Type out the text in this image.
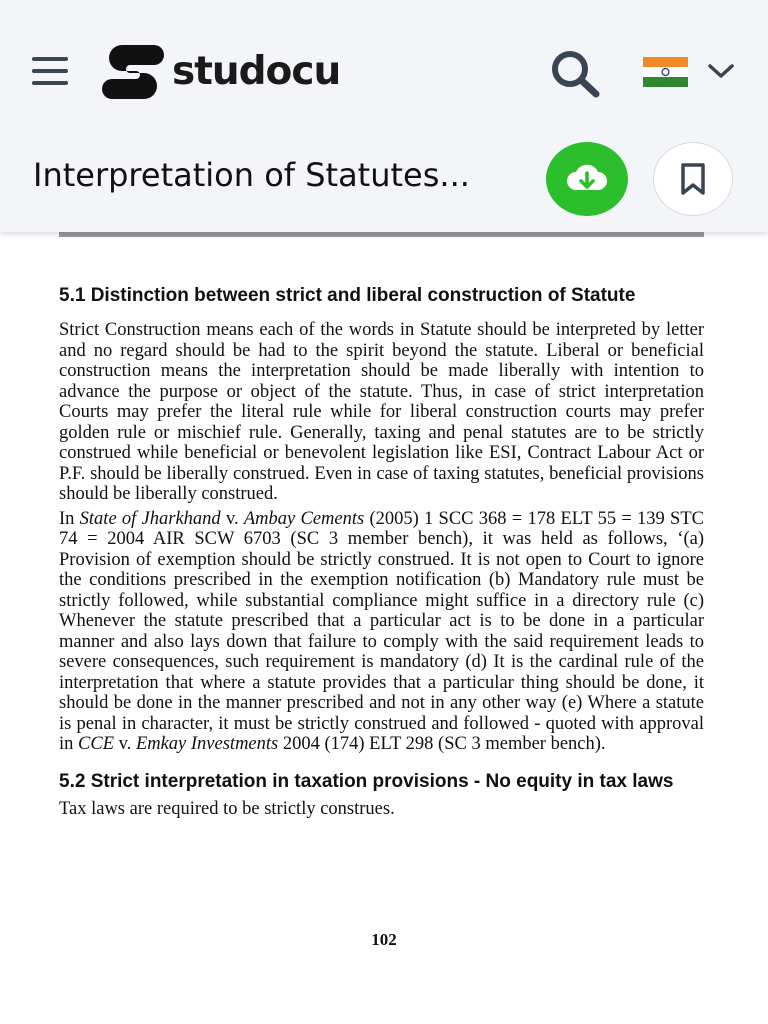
studocu
Interpretation of Statutes...
5.1 Distinction between strict and liberal construction of Statute

Strict Construction means each of the words in Statute should be interpreted by letter and no regard should be had to the spirit beyond the statute. Liberal or beneficial construction means the interpretation should be made liberally with intention to advance the purpose or object of the statute. Thus, in case of strict interpretation Courts may prefer the literal rule while for liberal construction courts may prefer golden rule or mischief rule. Generally, taxing and penal statutes are to be strictly construed while beneficial or benevolent legislation like ESI, Contract Labour Act or P.F. should be liberally construed. Even in case of taxing statutes, beneficial provisions should be liberally construed.

In State of Jharkhand v. Ambay Cements (2005) 1 SCC 368 = 178 ELT 55 = 139 STC 74 = 2004 AIR SCW 6703 (SC 3 member bench), it was held as follows, ‘(a) Provision of exemption should be strictly construed. It is not open to Court to ignore the conditions prescribed in the exemption notification (b) Mandatory rule must be strictly followed, while substantial compliance might suffice in a directory rule (c) Whenever the statute prescribed that a particular act is to be done in a particular manner and also lays down that failure to comply with the said requirement leads to severe consequences, such requirement is mandatory (d) It is the cardinal rule of the interpretation that where a statute provides that a particular thing should be done, it should be done in the manner prescribed and not in any other way (e) Where a statute is penal in character, it must be strictly construed and followed - quoted with approval in CCE v. Emkay Investments 2004 (174) ELT 298 (SC 3 member bench).

5.2 Strict interpretation in taxation provisions - No equity in tax laws

Tax laws are required to be strictly construes.

102
